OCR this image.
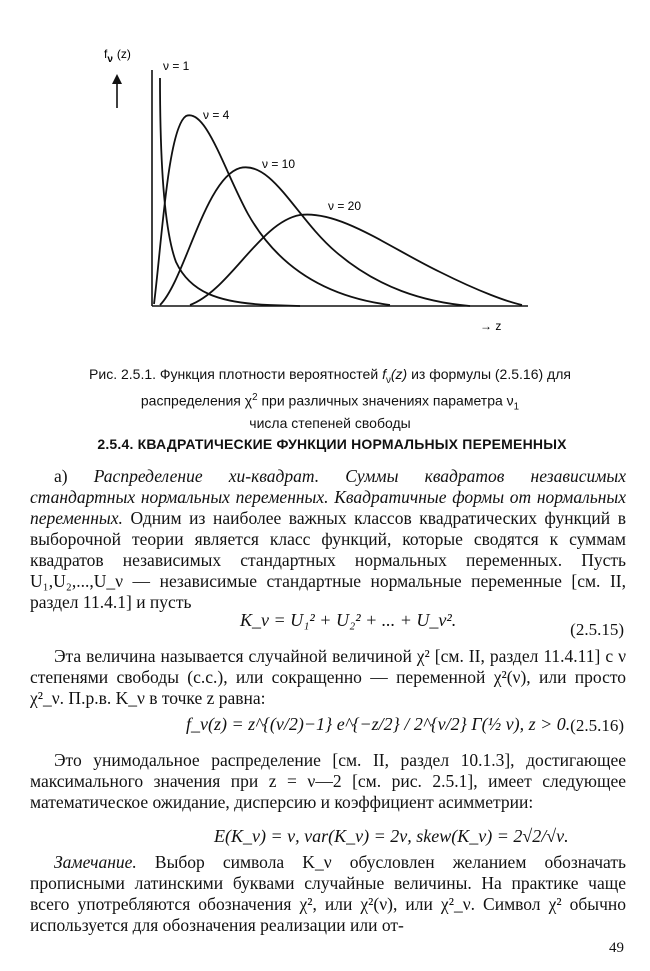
$f_\nu$ (z)
→ z
ν = 1
ν = 4
ν = 10
ν = 20
Рис. 2.5.1. Функция плотности вероятностей $f_\nu(z)$ из формулы (2.5.16) для
распределения $\chi^2$ при различных значениях параметра $\nu_1$
числа степеней свободы
2.5.4. КВАДРАТИЧЕСКИЕ ФУНКЦИИ НОРМАЛЬНЫХ ПЕРЕМЕННЫХ
а) Распределение хи-квадрат. Суммы квадратов независимых стандартных нормальных переменных. Квадратичные формы от нормальных переменных. Одним из наиболее важных классов квадратических функций в выборочной теории является класс функций, которые сводятся к суммам квадратов независимых стандартных нормальных переменных. Пусть U₁,U₂,...,U_ν — независимые стандартные нормальные переменные [см. II, раздел 11.4.1] и пусть
K_ν = U₁² + U₂² + ... + U_ν².	(2.5.15)
Эта величина называется случайной величиной χ² [см. II, раздел 11.4.11] с ν степенями свободы (с.с.), или сокращенно — переменной χ²(ν), или просто χ²_ν. П.р.в. K_ν в точке z равна:
f_ν(z) = z^{(ν/2)−1} e^{−z/2} / 2^{ν/2} Γ(½ ν), z > 0. (2.5.16)
Это унимодальное распределение [см. II, раздел 10.1.3], достигающее максимального значения при z = ν—2 [см. рис. 2.5.1], имеет следующее математическое ожидание, дисперсию и коэффициент асимметрии:
E(K_ν) = ν, var(K_ν) = 2ν, skew(K_ν) = 2√2/√ν.
Замечание. Выбор символа K_ν обусловлен желанием обозначать прописными латинскими буквами случайные величины. На практике чаще всего употребляются обозначения χ², или χ²(ν), или χ²_ν. Символ χ² обычно используется для обозначения реализации или от-
49
